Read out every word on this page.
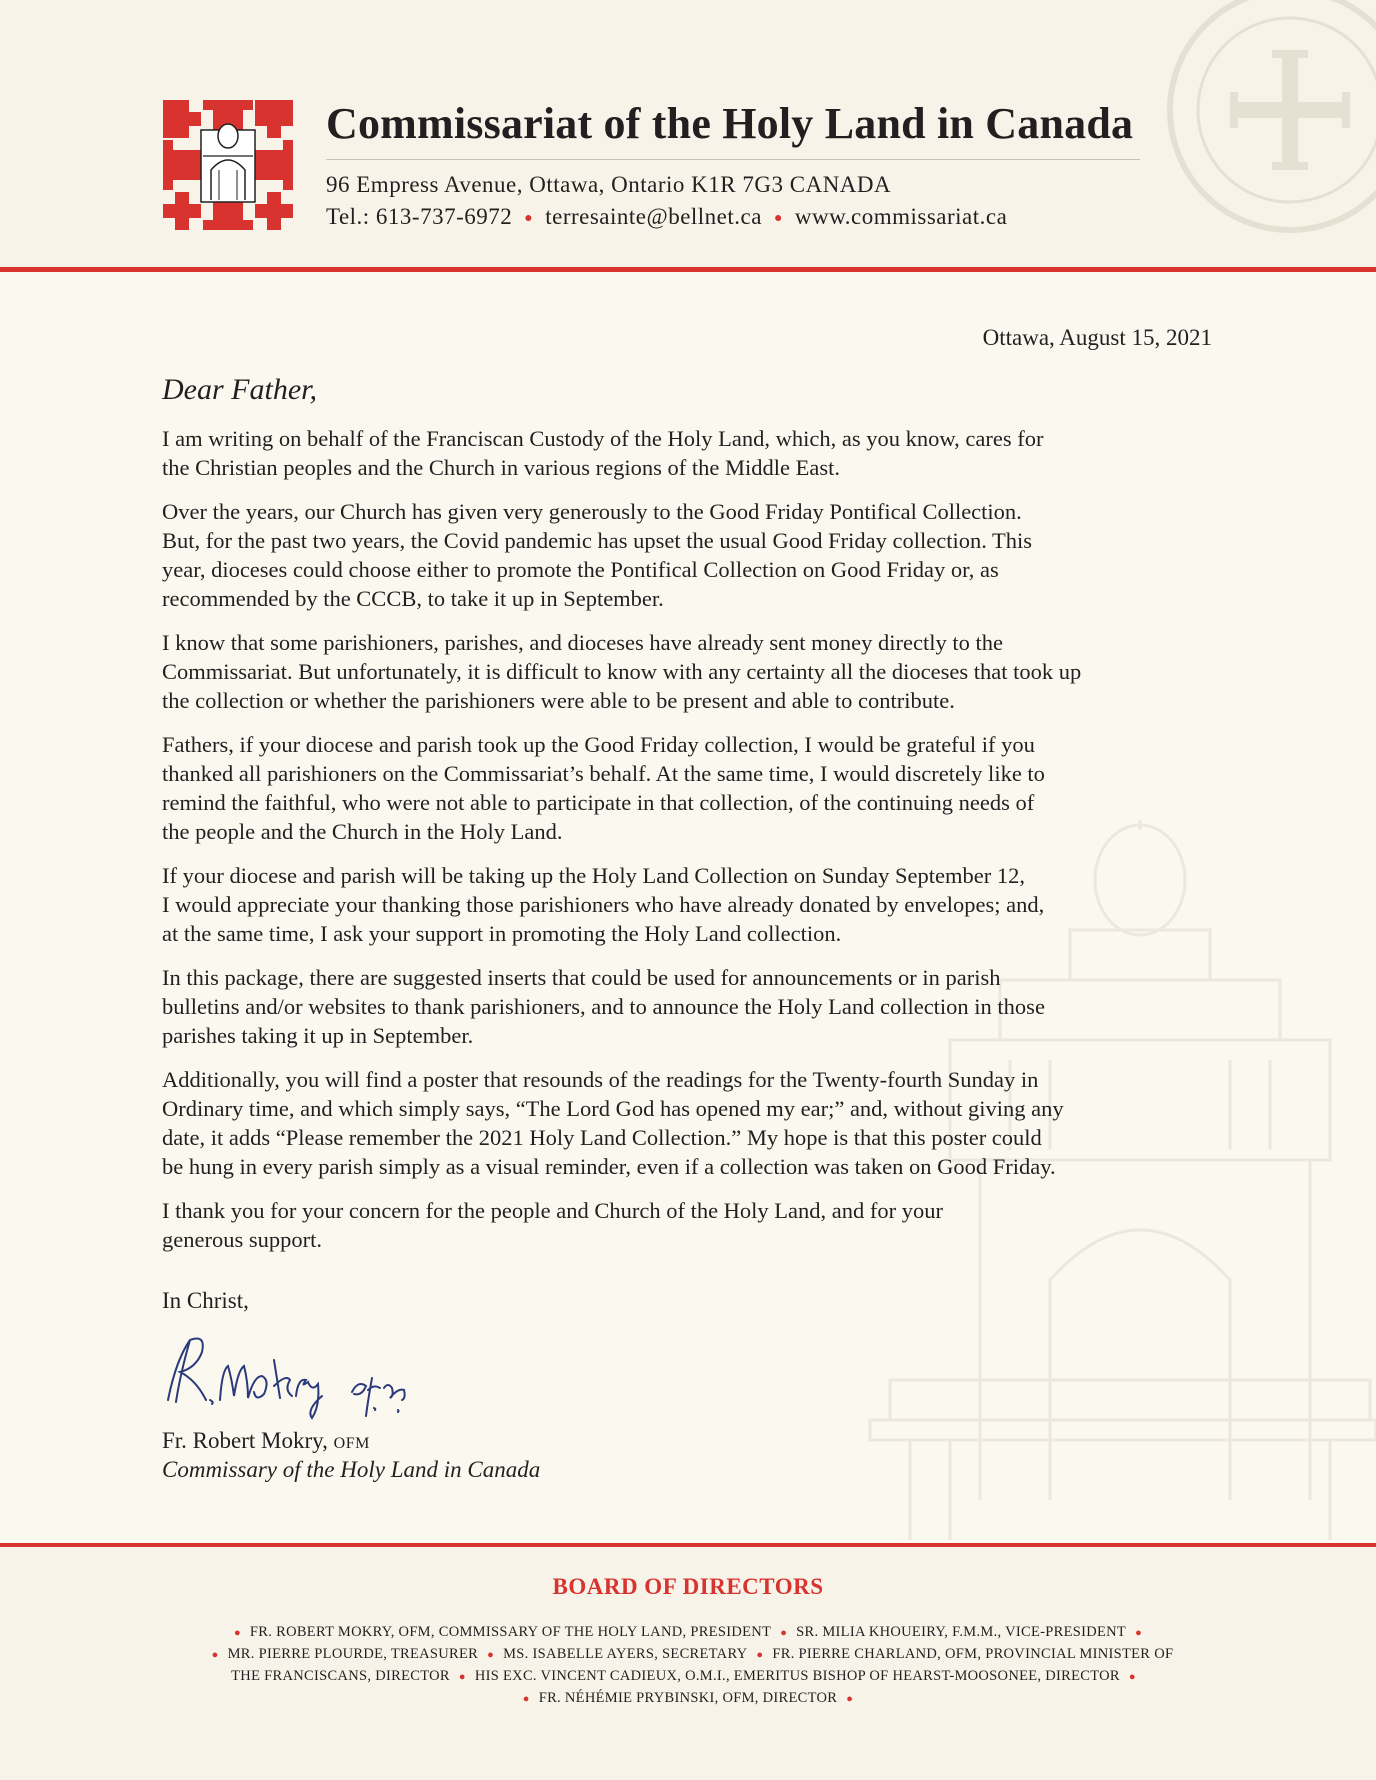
Commissariat of the Holy Land in Canada
96 Empress Avenue, Ottawa, Ontario K1R 7G3 CANADA
Tel.: 613-737-6972 ● terresainte@bellnet.ca ● www.commissariat.ca
Ottawa, August 15, 2021
Dear Father,

I am writing on behalf of the Franciscan Custody of the Holy Land, which, as you know, cares for
the Christian peoples and the Church in various regions of the Middle East.

Over the years, our Church has given very generously to the Good Friday Pontifical Collection.
But, for the past two years, the Covid pandemic has upset the usual Good Friday collection. This
year, dioceses could choose either to promote the Pontifical Collection on Good Friday or, as
recommended by the CCCB, to take it up in September.

I know that some parishioners, parishes, and dioceses have already sent money directly to the
Commissariat. But unfortunately, it is difficult to know with any certainty all the dioceses that took up
the collection or whether the parishioners were able to be present and able to contribute.

Fathers, if your diocese and parish took up the Good Friday collection, I would be grateful if you
thanked all parishioners on the Commissariat’s behalf. At the same time, I would discretely like to
remind the faithful, who were not able to participate in that collection, of the continuing needs of
the people and the Church in the Holy Land.

If your diocese and parish will be taking up the Holy Land Collection on Sunday September 12,
I would appreciate your thanking those parishioners who have already donated by envelopes; and,
at the same time, I ask your support in promoting the Holy Land collection.

In this package, there are suggested inserts that could be used for announcements or in parish
bulletins and/or websites to thank parishioners, and to announce the Holy Land collection in those
parishes taking it up in September.

Additionally, you will find a poster that resounds of the readings for the Twenty-fourth Sunday in
Ordinary time, and which simply says, “The Lord God has opened my ear;” and, without giving any
date, it adds “Please remember the 2021 Holy Land Collection.” My hope is that this poster could
be hung in every parish simply as a visual reminder, even if a collection was taken on Good Friday.

I thank you for your concern for the people and Church of the Holy Land, and for your
generous support.

In Christ,
Fr. Robert Mokry, OFM
Commissary of the Holy Land in Canada
BOARD OF DIRECTORS
● FR. ROBERT MOKRY, OFM, COMMISSARY OF THE HOLY LAND, PRESIDENT ● SR. MILIA KHOUEIRY, F.M.M., VICE-PRESIDENT ●
● MR. PIERRE PLOURDE, TREASURER ● MS. ISABELLE AYERS, SECRETARY ● FR. PIERRE CHARLAND, OFM, PROVINCIAL MINISTER OF
THE FRANCISCANS, DIRECTOR ● HIS EXC. VINCENT CADIEUX, O.M.I., EMERITUS BISHOP OF HEARST-MOOSONEE, DIRECTOR ●
● FR. NÉHÉMIE PRYBINSKI, OFM, DIRECTOR ●
